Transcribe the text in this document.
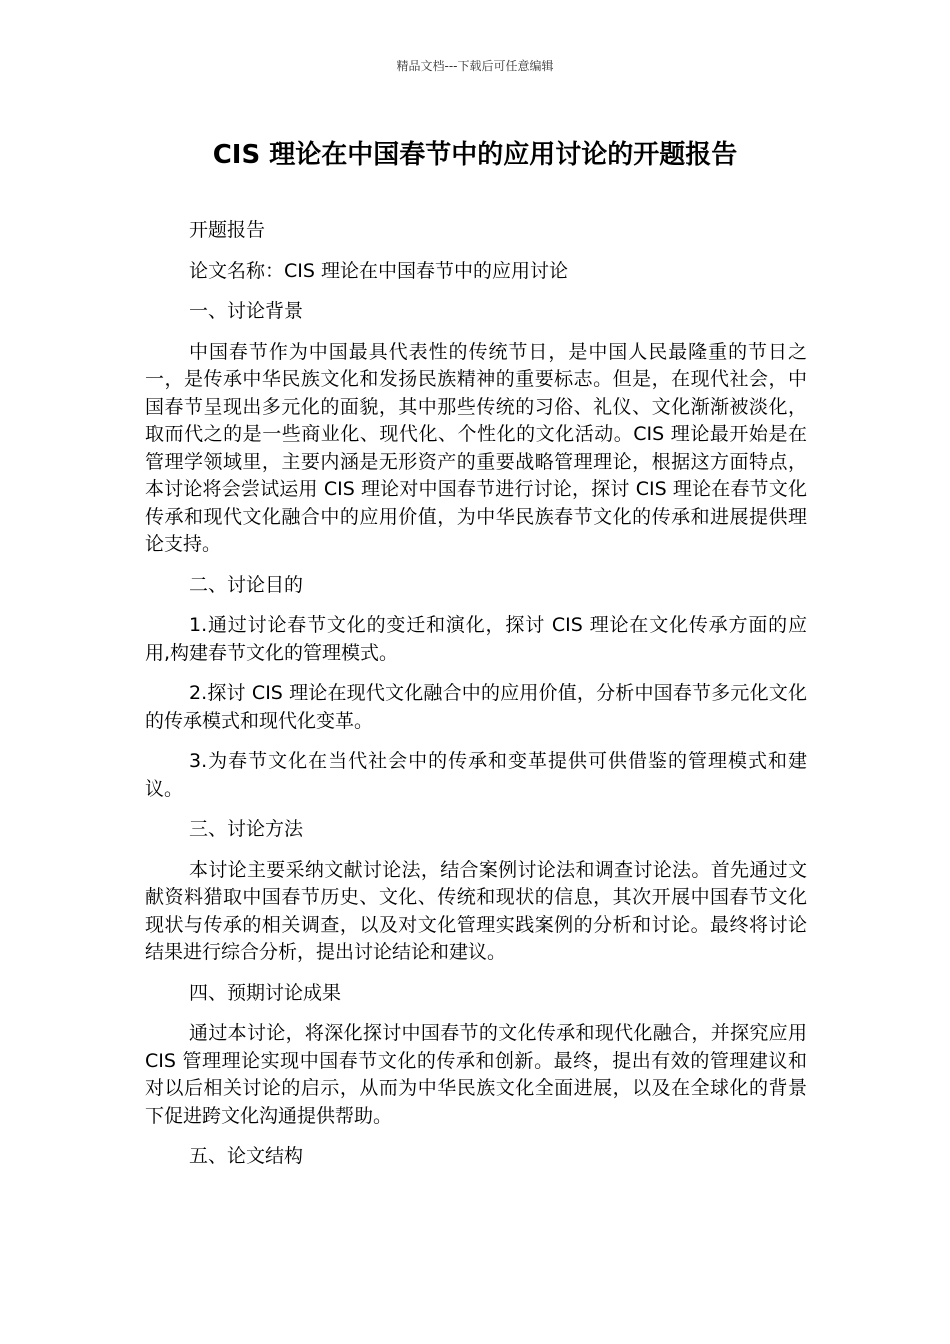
精品文档---下载后可任意编辑
CIS 理论在中国春节中的应用讨论的开题报告

开题报告

论文名称：CIS 理论在中国春节中的应用讨论

一、讨论背景

中国春节作为中国最具代表性的传统节日，是中国人民最隆重的节日之一，是传承中华民族文化和发扬民族精神的重要标志。但是，在现代社会，中国春节呈现出多元化的面貌，其中那些传统的习俗、礼仪、文化渐渐被淡化，取而代之的是一些商业化、现代化、个性化的文化活动。CIS 理论最开始是在管理学领域里，主要内涵是无形资产的重要战略管理理论，根据这方面特点，本讨论将会尝试运用 CIS 理论对中国春节进行讨论，探讨 CIS 理论在春节文化传承和现代文化融合中的应用价值，为中华民族春节文化的传承和进展提供理论支持。

二、讨论目的

1.通过讨论春节文化的变迁和演化，探讨 CIS 理论在文化传承方面的应用,构建春节文化的管理模式。

2.探讨 CIS 理论在现代文化融合中的应用价值，分析中国春节多元化文化的传承模式和现代化变革。

3.为春节文化在当代社会中的传承和变革提供可供借鉴的管理模式和建议。

三、讨论方法

本讨论主要采纳文献讨论法，结合案例讨论法和调查讨论法。首先通过文献资料猎取中国春节历史、文化、传统和现状的信息，其次开展中国春节文化现状与传承的相关调查，以及对文化管理实践案例的分析和讨论。最终将讨论结果进行综合分析，提出讨论结论和建议。

四、预期讨论成果

通过本讨论，将深化探讨中国春节的文化传承和现代化融合，并探究应用 CIS 管理理论实现中国春节文化的传承和创新。最终，提出有效的管理建议和对以后相关讨论的启示，从而为中华民族文化全面进展，以及在全球化的背景下促进跨文化沟通提供帮助。

五、论文结构
